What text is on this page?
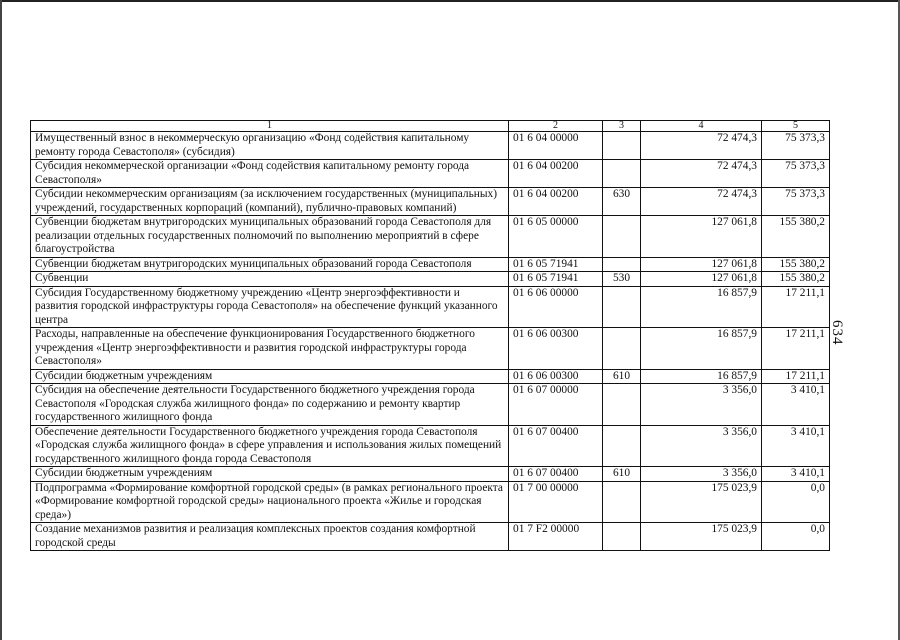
1	2	3	4	5
Имущественный взнос в некоммерческую организацию «Фонд содействия капитальному ремонту города Севастополя» (субсидия)	01 6 04 00000		72 474,3	75 373,3
Субсидия некоммерческой организации «Фонд содействия капитальному ремонту города Севастополя»	01 6 04 00200		72 474,3	75 373,3
Субсидии некоммерческим организациям (за исключением государственных (муниципальных) учреждений, государственных корпораций (компаний), публично-правовых компаний)	01 6 04 00200	630	72 474,3	75 373,3
Субвенции бюджетам внутригородских муниципальных образований города Севастополя для реализации отдельных государственных полномочий по выполнению мероприятий в сфере благоустройства	01 6 05 00000		127 061,8	155 380,2
Субвенции бюджетам внутригородских муниципальных образований города Севастополя	01 6 05 71941		127 061,8	155 380,2
Субвенции	01 6 05 71941	530	127 061,8	155 380,2
Субсидия Государственному бюджетному учреждению «Центр энергоэффективности и развития городской инфраструктуры города Севастополя» на обеспечение функций указанного центра	01 6 06 00000		16 857,9	17 211,1
Расходы, направленные на обеспечение функционирования Государственного бюджетного учреждения «Центр энергоэффективности и развития городской инфраструктуры города Севастополя»	01 6 06 00300		16 857,9	17 211,1
Субсидии бюджетным учреждениям	01 6 06 00300	610	16 857,9	17 211,1
Субсидия на обеспечение деятельности Государственного бюджетного учреждения города Севастополя «Городская служба жилищного фонда» по содержанию и ремонту квартир государственного жилищного фонда	01 6 07 00000		3 356,0	3 410,1
Обеспечение деятельности Государственного бюджетного учреждения города Севастополя «Городская служба жилищного фонда» в сфере управления и использования жилых помещений государственного жилищного фонда города Севастополя	01 6 07 00400		3 356,0	3 410,1
Субсидии бюджетным учреждениям	01 6 07 00400	610	3 356,0	3 410,1
Подпрограмма «Формирование комфортной городской среды» (в рамках регионального проекта «Формирование комфортной городской среды» национального проекта «Жилье и городская среда»)	01 7 00 00000		175 023,9	0,0
Создание механизмов развития и реализация комплексных проектов создания комфортной городской среды	01 7 F2 00000		175 023,9	0,0
634
